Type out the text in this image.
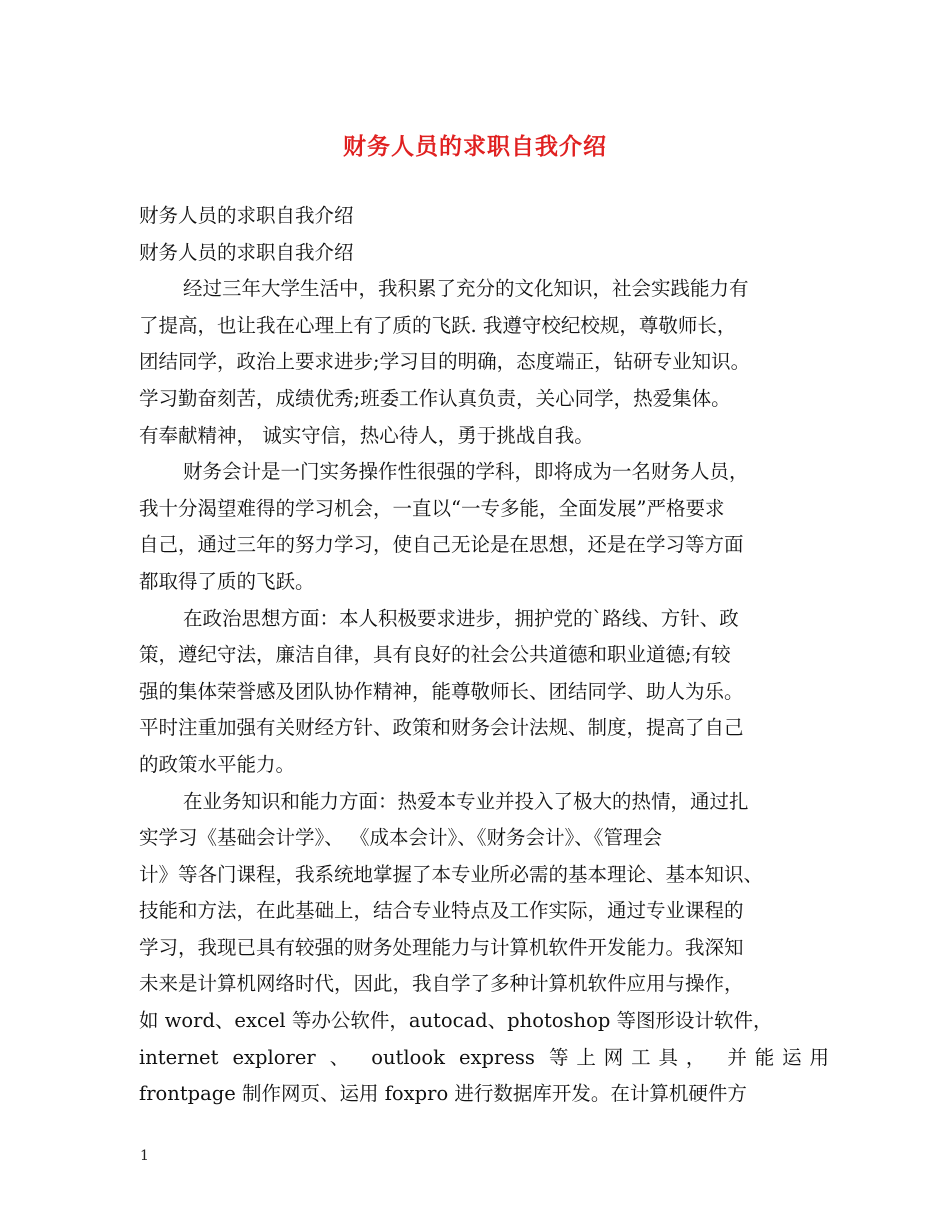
财务人员的求职自我介绍
财务人员的求职自我介绍
财务人员的求职自我介绍
经过三年大学生活中，我积累了充分的文化知识，社会实践能力有
了提高，也让我在心理上有了质的飞跃. 我遵守校纪校规，尊敬师长，
团结同学，政治上要求进步;学习目的明确，态度端正，钻研专业知识。
学习勤奋刻苦，成绩优秀;班委工作认真负责，关心同学，热爱集体。
有奉献精神， 诚实守信，热心待人，勇于挑战自我。
财务会计是一门实务操作性很强的学科，即将成为一名财务人员，
我十分渴望难得的学习机会，一直以“一专多能，全面发展”严格要求
自己，通过三年的努力学习，使自己无论是在思想，还是在学习等方面
都取得了质的飞跃。
在政治思想方面：本人积极要求进步，拥护党的`路线、方针、政
策，遵纪守法，廉洁自律，具有良好的社会公共道德和职业道德;有较
强的集体荣誉感及团队协作精神，能尊敬师长、团结同学、助人为乐。
平时注重加强有关财经方针、政策和财务会计法规、制度，提高了自己
的政策水平能力。
在业务知识和能力方面：热爱本专业并投入了极大的热情，通过扎
实学习《基础会计学》、 《成本会计》、《财务会计》、《管理会
计》等各门课程，我系统地掌握了本专业所必需的基本理论、基本知识、
技能和方法，在此基础上，结合专业特点及工作实际，通过专业课程的
学习，我现已具有较强的财务处理能力与计算机软件开发能力。我深知
未来是计算机网络时代，因此，我自学了多种计算机软件应用与操作，
如 word、excel 等办公软件，autocad、photoshop 等图形设计软件，
internet explorer 、 outlook express 等上网工具， 并能运用
frontpage 制作网页、运用 foxpro 进行数据库开发。在计算机硬件方
1
